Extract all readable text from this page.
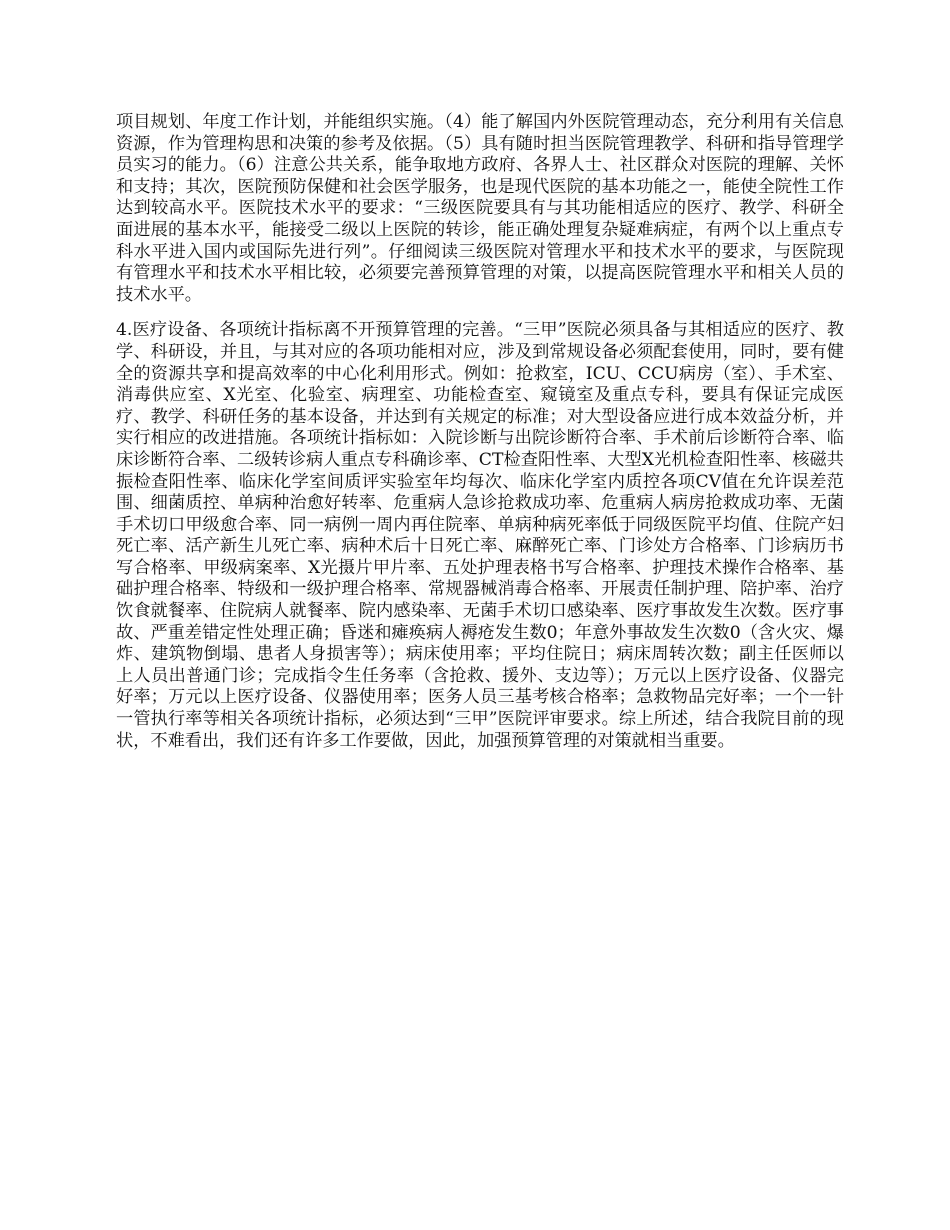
项目规划、年度工作计划，并能组织实施。（4）能了解国内外医院管理动态，充分利用有关信息资源，作为管理构思和决策的参考及依据。（5）具有随时担当医院管理教学、科研和指导管理学员实习的能力。（6）注意公共关系，能争取地方政府、各界人士、社区群众对医院的理解、关怀和支持；其次，医院预防保健和社会医学服务，也是现代医院的基本功能之一，能使全院性工作达到较高水平。医院技术水平的要求：“三级医院要具有与其功能相适应的医疗、教学、科研全面进展的基本水平，能接受二级以上医院的转诊，能正确处理复杂疑难病症，有两个以上重点专科水平进入国内或国际先进行列”。仔细阅读三级医院对管理水平和技术水平的要求，与医院现有管理水平和技术水平相比较，必须要完善预算管理的对策，以提高医院管理水平和相关人员的技术水平。

4.医疗设备、各项统计指标离不开预算管理的完善。“三甲”医院必须具备与其相适应的医疗、教学、科研设，并且，与其对应的各项功能相对应，涉及到常规设备必须配套使用，同时，要有健全的资源共享和提高效率的中心化利用形式。例如：抢救室，ICU、CCU病房（室）、手术室、消毒供应室、X光室、化验室、病理室、功能检查室、窥镜室及重点专科，要具有保证完成医疗、教学、科研任务的基本设备，并达到有关规定的标准；对大型设备应进行成本效益分析，并实行相应的改进措施。各项统计指标如：入院诊断与出院诊断符合率、手术前后诊断符合率、临床诊断符合率、二级转诊病人重点专科确诊率、CT检查阳性率、大型X光机检查阳性率、核磁共振检查阳性率、临床化学室间质评实验室年均每次、临床化学室内质控各项CV值在允许误差范围、细菌质控、单病种治愈好转率、危重病人急诊抢救成功率、危重病人病房抢救成功率、无菌手术切口甲级愈合率、同一病例一周内再住院率、单病种病死率低于同级医院平均值、住院产妇死亡率、活产新生儿死亡率、病种术后十日死亡率、麻醉死亡率、门诊处方合格率、门诊病历书写合格率、甲级病案率、X光摄片甲片率、五处护理表格书写合格率、护理技术操作合格率、基础护理合格率、特级和一级护理合格率、常规器械消毒合格率、开展责任制护理、陪护率、治疗饮食就餐率、住院病人就餐率、院内感染率、无菌手术切口感染率、医疗事故发生次数。医疗事故、严重差错定性处理正确；昏迷和瘫痪病人褥疮发生数0；年意外事故发生次数0（含火灾、爆炸、建筑物倒塌、患者人身损害等）；病床使用率；平均住院日；病床周转次数；副主任医师以上人员出普通门诊；完成指令生任务率（含抢救、援外、支边等）；万元以上医疗设备、仪器完好率；万元以上医疗设备、仪器使用率；医务人员三基考核合格率；急救物品完好率；一个一针一管执行率等相关各项统计指标，必须达到“三甲”医院评审要求。综上所述，结合我院目前的现状，不难看出，我们还有许多工作要做，因此，加强预算管理的对策就相当重要。
